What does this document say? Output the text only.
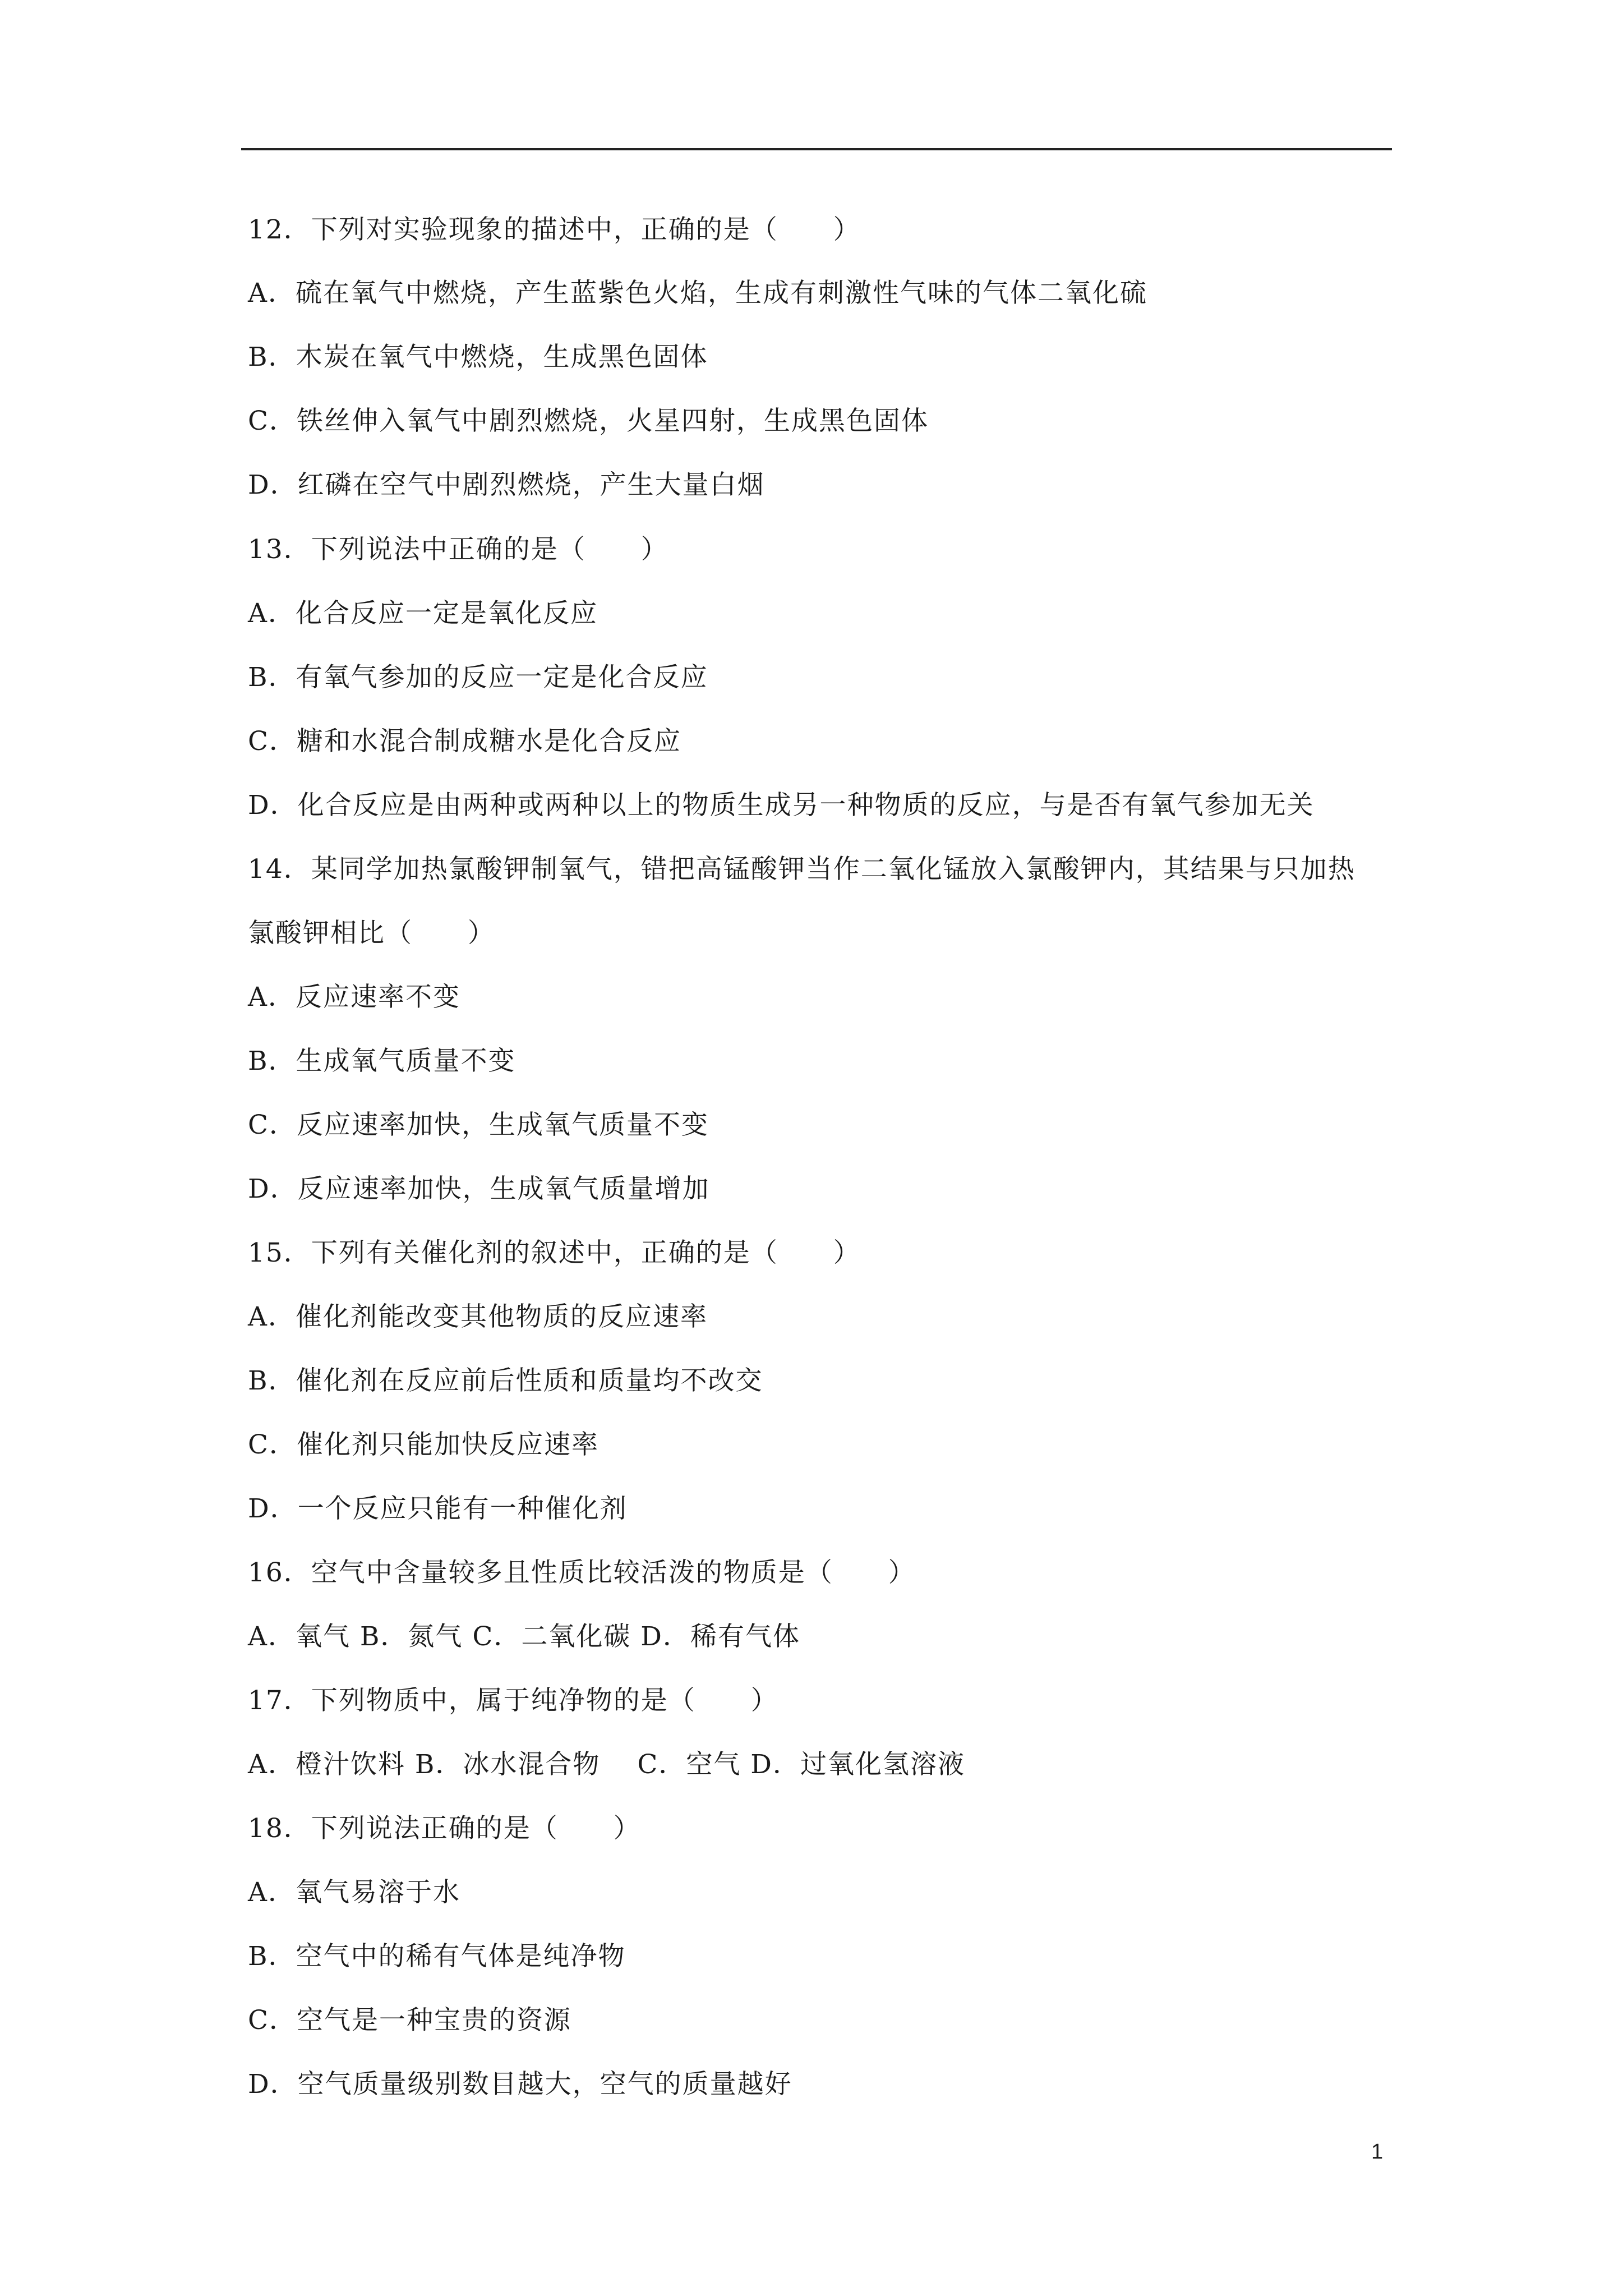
12．下列对实验现象的描述中，正确的是（　　）
A．硫在氧气中燃烧，产生蓝紫色火焰，生成有刺激性气味的气体二氧化硫
B．木炭在氧气中燃烧，生成黑色固体
C．铁丝伸入氧气中剧烈燃烧，火星四射，生成黑色固体
D．红磷在空气中剧烈燃烧，产生大量白烟
13．下列说法中正确的是（　　）
A．化合反应一定是氧化反应
B．有氧气参加的反应一定是化合反应
C．糖和水混合制成糖水是化合反应
D．化合反应是由两种或两种以上的物质生成另一种物质的反应，与是否有氧气参加无关
14．某同学加热氯酸钾制氧气，错把高锰酸钾当作二氧化锰放入氯酸钾内，其结果与只加热
氯酸钾相比（　　）
A．反应速率不变
B．生成氧气质量不变
C．反应速率加快，生成氧气质量不变
D．反应速率加快，生成氧气质量增加
15．下列有关催化剂的叙述中，正确的是（　　）
A．催化剂能改变其他物质的反应速率
B．催化剂在反应前后性质和质量均不改交
C．催化剂只能加快反应速率
D．一个反应只能有一种催化剂
16．空气中含量较多且性质比较活泼的物质是（　　）
A．氧气 B．氮气 C．二氧化碳 D．稀有气体
17．下列物质中，属于纯净物的是（　　）
A．橙汁饮料 B．冰水混合物　 C．空气 D．过氧化氢溶液
18．下列说法正确的是（　　）
A．氧气易溶于水
B．空气中的稀有气体是纯净物
C．空气是一种宝贵的资源
D．空气质量级别数目越大，空气的质量越好
1
